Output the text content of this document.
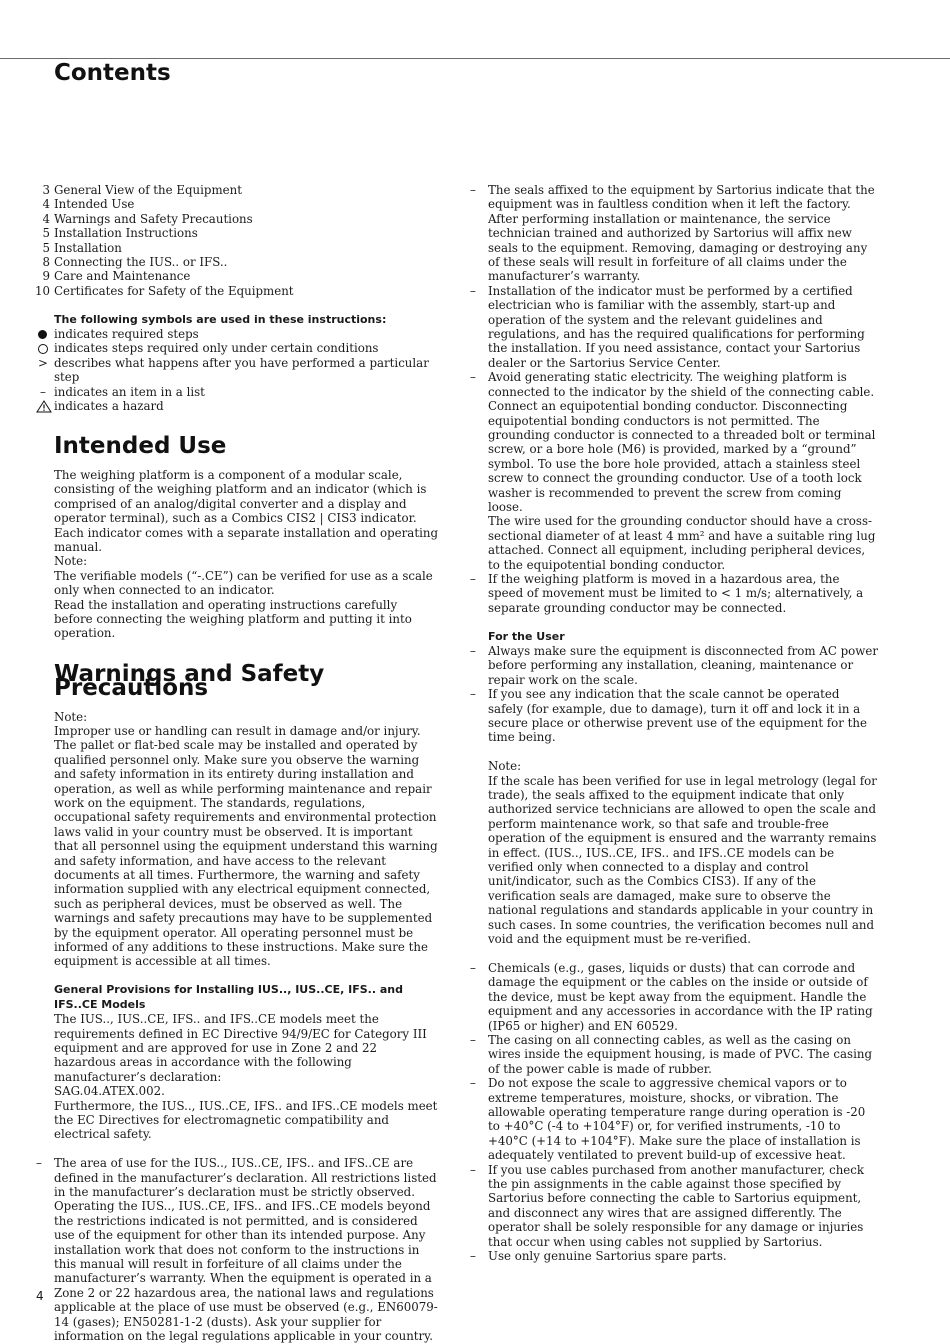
Contents
3 General View of the Equipment
4 Intended Use
4 Warnings and Safety Precautions
5 Installation Instructions
5 Installation
8 Connecting the IUS.. or IFS..
9 Care and Maintenance
10 Certificates for Safety of the Equipment
The following symbols are used in these instructions:
indicates required steps
indicates steps required only under certain conditions
> describes what happens after you have performed a particular step
– indicates an item in a list
indicates a hazard
Intended Use

The weighing platform is a component of a modular scale, consisting of the weighing platform and an indicator (which is comprised of an analog/digital converter and a display and operator terminal), such as a Combics CIS2 | CIS3 indicator. Each indicator comes with a separate installation and operating manual.

Note:

The verifiable models (“-.CE”) can be verified for use as a scale only when connected to an indicator.

Read the installation and operating instructions carefully before connecting the weighing platform and putting it into operation.

Warnings and Safety Precautions

Note:

Improper use or handling can result in damage and/or injury. The pallet or flat-bed scale may be installed and operated by qualified personnel only. Make sure you observe the warning and safety information in its entirety during installation and operation, as well as while performing maintenance and repair work on the equipment. The standards, regulations, occupational safety requirements and environmental protection laws valid in your country must be observed. It is important that all personnel using the equipment understand this warning and safety information, and have access to the relevant documents at all times. Furthermore, the warning and safety information supplied with any electrical equipment connected, such as peripheral devices, must be observed as well. The warnings and safety precautions may have to be supplemented by the equipment operator. All operating personnel must be informed of any additions to these instructions. Make sure the equipment is accessible at all times.

General Provisions for Installing IUS.., IUS..CE, IFS.. and IFS..CE Models

The IUS.., IUS..CE, IFS.. and IFS..CE models meet the requirements defined in EC Directive 94/9/EC for Category III equipment and are approved for use in Zone 2 and 22 hazardous areas in accordance with the following manufacturer’s declaration:

SAG.04.ATEX.002.

Furthermore, the IUS.., IUS..CE, IFS.. and IFS..CE models meet the EC Directives for electromagnetic compatibility and electrical safety.

– The area of use for the IUS.., IUS..CE, IFS.. and IFS..CE are defined in the manufacturer’s declaration. All restrictions listed in the manufacturer’s declaration must be strictly observed. Operating the IUS.., IUS..CE, IFS.. and IFS..CE models beyond the restrictions indicated is not permitted, and is considered use of the equipment for other than its intended purpose. Any installation work that does not conform to the instructions in this manual will result in forfeiture of all claims under the manufacturer’s warranty. When the equipment is operated in a Zone 2 or 22 hazardous area, the national laws and regulations applicable at the place of use must be observed (e.g., EN60079-14 (gases); EN50281-1-2 (dusts). Ask your supplier for information on the legal regulations applicable in your country.

– The seals affixed to the equipment by Sartorius indicate that the equipment was in faultless condition when it left the factory. After performing installation or maintenance, the service technician trained and authorized by Sartorius will affix new seals to the equipment. Removing, damaging or destroying any of these seals will result in forfeiture of all claims under the manufacturer’s warranty.

– Installation of the indicator must be performed by a certified electrician who is familiar with the assembly, start-up and operation of the system and the relevant guidelines and regulations, and has the required qualifications for performing the installation. If you need assistance, contact your Sartorius dealer or the Sartorius Service Center.

– Avoid generating static electricity. The weighing platform is connected to the indicator by the shield of the connecting cable. Connect an equipotential bonding conductor. Disconnecting equipotential bonding conductors is not permitted. The grounding conductor is connected to a threaded bolt or terminal screw, or a bore hole (M6) is provided, marked by a “ground” symbol. To use the bore hole provided, attach a stainless steel screw to connect the grounding conductor. Use of a tooth lock washer is recommended to prevent the screw from coming loose.

The wire used for the grounding conductor should have a cross-sectional diameter of at least 4 mm² and have a suitable ring lug attached. Connect all equipment, including peripheral devices, to the equipotential bonding conductor.

– If the weighing platform is moved in a hazardous area, the speed of movement must be limited to < 1 m/s; alternatively, a separate grounding conductor may be connected.

For the User

– Always make sure the equipment is disconnected from AC power before performing any installation, cleaning, maintenance or repair work on the scale.

– If you see any indication that the scale cannot be operated safely (for example, due to damage), turn it off and lock it in a secure place or otherwise prevent use of the equipment for the time being.

Note:

If the scale has been verified for use in legal metrology (legal for trade), the seals affixed to the equipment indicate that only authorized service technicians are allowed to open the scale and perform maintenance work, so that safe and trouble-free operation of the equipment is ensured and the warranty remains in effect. (IUS.., IUS..CE, IFS.. and IFS..CE models can be verified only when connected to a display and control unit/indicator, such as the Combics CIS3). If any of the verification seals are damaged, make sure to observe the national regulations and standards applicable in your country in such cases. In some countries, the verification becomes null and void and the equipment must be re-verified.

– Chemicals (e.g., gases, liquids or dusts) that can corrode and damage the equipment or the cables on the inside or outside of the device, must be kept away from the equipment. Handle the equipment and any accessories in accordance with the IP rating (IP65 or higher) and EN 60529.

– The casing on all connecting cables, as well as the casing on wires inside the equipment housing, is made of PVC. The casing of the power cable is made of rubber.

– Do not expose the scale to aggressive chemical vapors or to extreme temperatures, moisture, shocks, or vibration. The allowable operating temperature range during operation is -20 to +40°C (-4 to +104°F) or, for verified instruments, -10 to +40°C (+14 to +104°F). Make sure the place of installation is adequately ventilated to prevent build-up of excessive heat.

– If you use cables purchased from another manufacturer, check the pin assignments in the cable against those specified by Sartorius before connecting the cable to Sartorius equipment, and disconnect any wires that are assigned differently. The operator shall be solely responsible for any damage or injuries that occur when using cables not supplied by Sartorius.

– Use only genuine Sartorius spare parts.

4
